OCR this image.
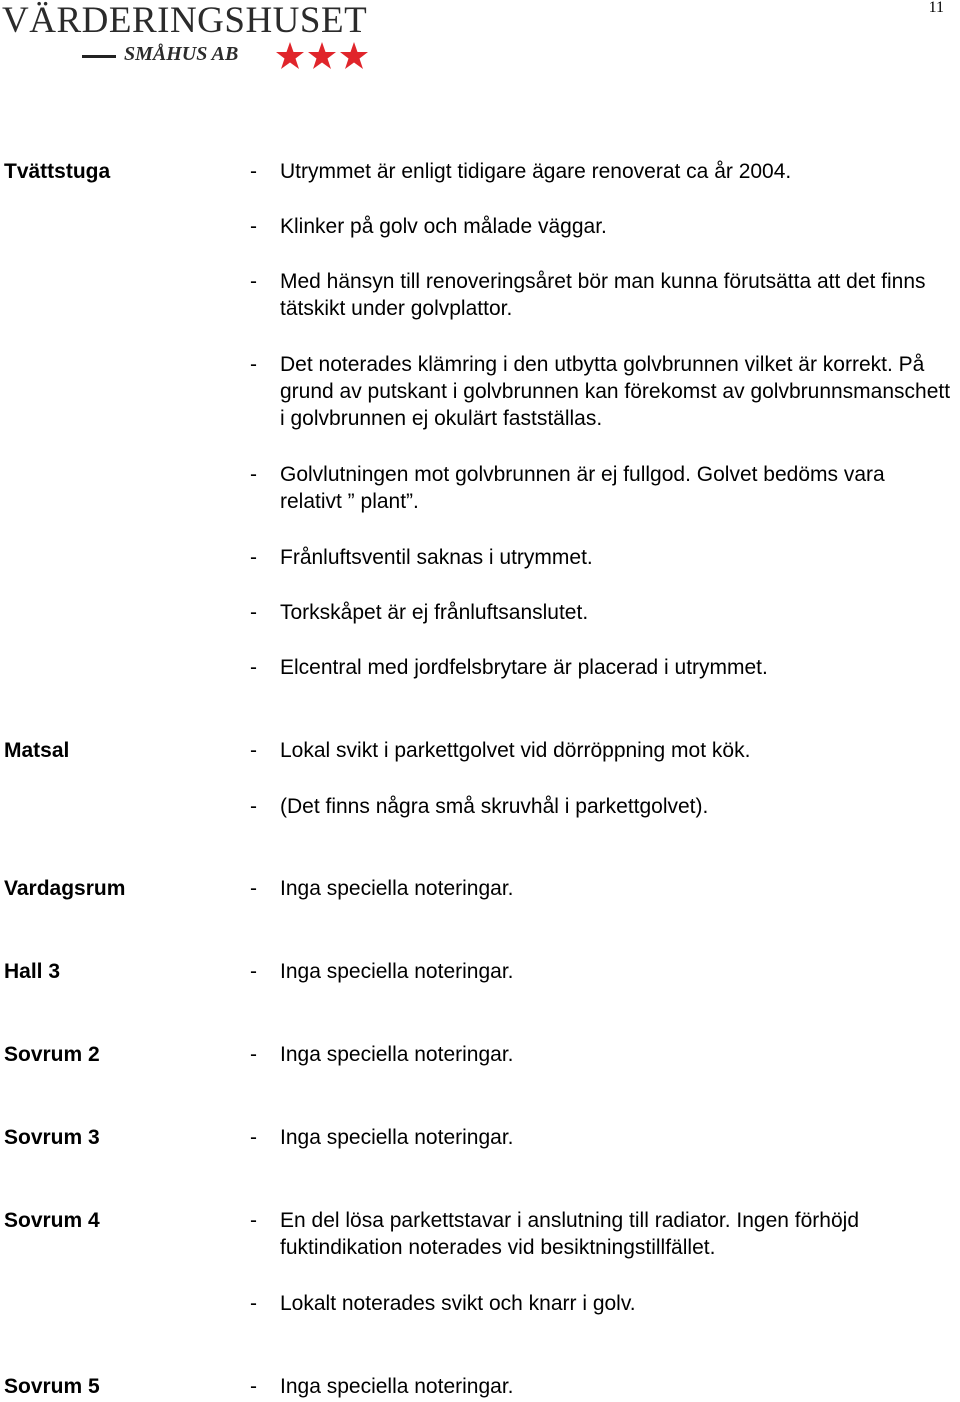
VÄRDERINGSHUSET
SMÅHUS AB
11
Tvättstuga	- Utrymmet är enligt tidigare ägare renoverat ca år 2004.
- Klinker på golv och målade väggar.
- Med hänsyn till renoveringsåret bör man kunna förutsätta att det finns tätskikt under golvplattor.
- Det noterades klämring i den utbytta golvbrunnen vilket är korrekt. På grund av putskant i golvbrunnen kan förekomst av golvbrunnsmanschett i golvbrunnen ej okulärt fastställas.
- Golvlutningen mot golvbrunnen är ej fullgod. Golvet bedöms vara relativt ” plant”.
- Frånluftsventil saknas i utrymmet.
- Torkskåpet är ej frånluftsanslutet.
- Elcentral med jordfelsbrytare är placerad i utrymmet.
Matsal	- Lokal svikt i parkettgolvet vid dörröppning mot kök.
- (Det finns några små skruvhål i parkettgolvet).
Vardagsrum	- Inga speciella noteringar.
Hall 3	- Inga speciella noteringar.
Sovrum 2	- Inga speciella noteringar.
Sovrum 3	- Inga speciella noteringar.
Sovrum 4	- En del lösa parkettstavar i anslutning till radiator. Ingen förhöjd fuktindikation noterades vid besiktningstillfället.
- Lokalt noterades svikt och knarr i golv.
Sovrum 5	- Inga speciella noteringar.
